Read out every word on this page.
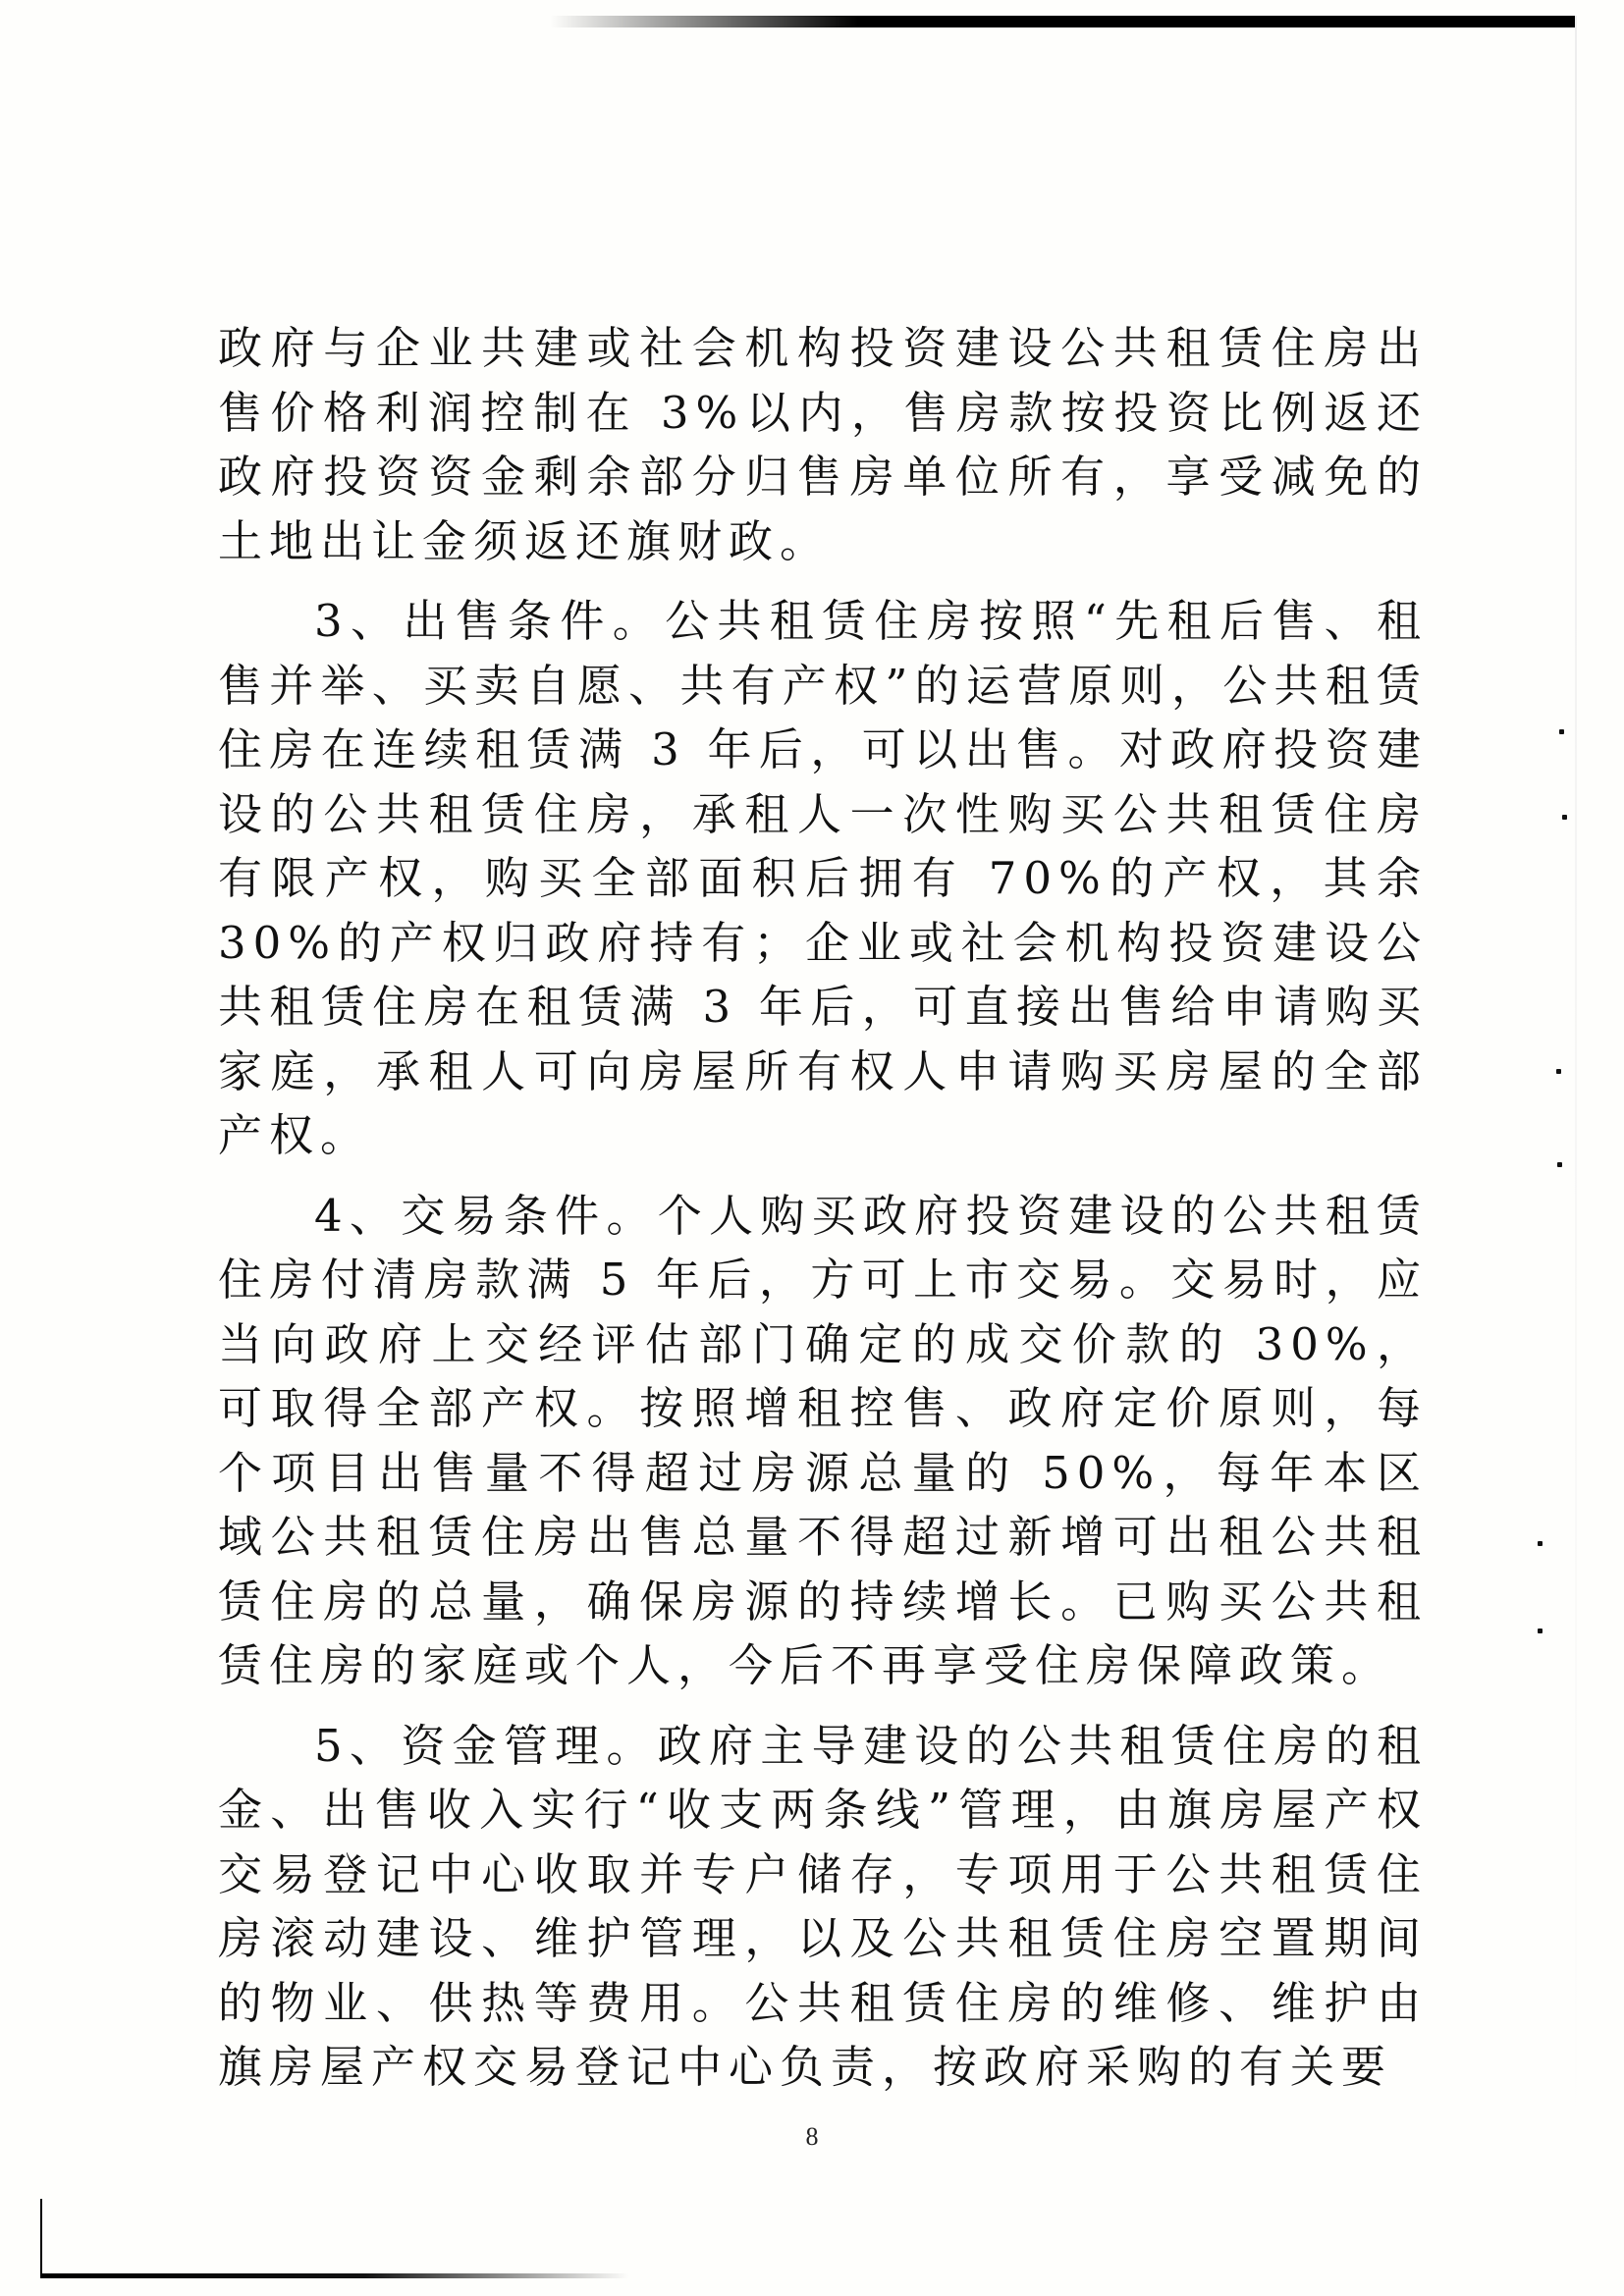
政府与企业共建或社会机构投资建设公共租赁住房出售价格利润控制在 3%以内，售房款按投资比例返还政府投资资金剩余部分归售房单位所有，享受减免的土地出让金须返还旗财政。

3、出售条件。公共租赁住房按照“先租后售、租售并举、买卖自愿、共有产权”的运营原则，公共租赁住房在连续租赁满 3 年后，可以出售。对政府投资建设的公共租赁住房，承租人一次性购买公共租赁住房有限产权，购买全部面积后拥有 70%的产权，其余　30%的产权归政府持有；企业或社会机构投资建设公共租赁住房在租赁满 3 年后，可直接出售给申请购买家庭，承租人可向房屋所有权人申请购买房屋的全部产权。

4、交易条件。个人购买政府投资建设的公共租赁住房付清房款满 5 年后，方可上市交易。交易时，应当向政府上交经评估部门确定的成交价款的 30%，可取得全部产权。按照增租控售、政府定价原则，每个项目出售量不得超过房源总量的 50%，每年本区域公共租赁住房出售总量不得超过新增可出租公共租赁住房的总量，确保房源的持续增长。已购买公共租赁住房的家庭或个人，今后不再享受住房保障政策。

5、资金管理。政府主导建设的公共租赁住房的租金、出售收入实行“收支两条线”管理，由旗房屋产权交易登记中心收取并专户储存，专项用于公共租赁住房滚动建设、维护管理，以及公共租赁住房空置期间的物业、供热等费用。公共租赁住房的维修、维护由旗房屋产权交易登记中心负责，按政府采购的有关要

8
